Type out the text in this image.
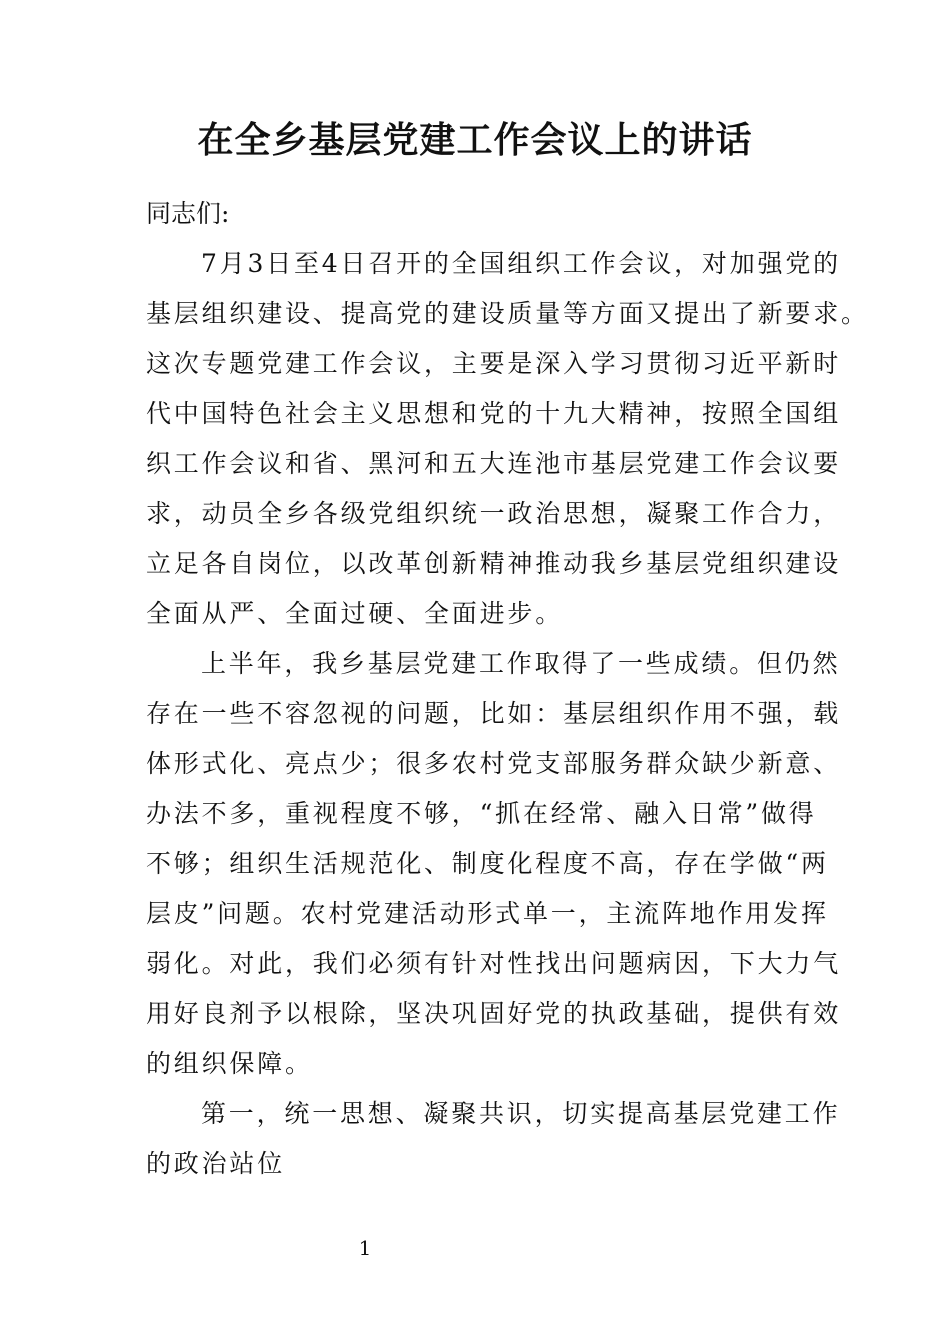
在全乡基层党建工作会议上的讲话

同志们:

7月3日至4日召开的全国组织工作会议，对加强党的
基层组织建设、提高党的建设质量等方面又提出了新要求。
这次专题党建工作会议，主要是深入学习贯彻习近平新时
代中国特色社会主义思想和党的十九大精神，按照全国组
织工作会议和省、黑河和五大连池市基层党建工作会议要
求，动员全乡各级党组织统一政治思想，凝聚工作合力，
立足各自岗位，以改革创新精神推动我乡基层党组织建设
全面从严、全面过硬、全面进步。
上半年，我乡基层党建工作取得了一些成绩。但仍然
存在一些不容忽视的问题，比如：基层组织作用不强，载
体形式化、亮点少；很多农村党支部服务群众缺少新意、
办法不多，重视程度不够，“抓在经常、融入日常”做得
不够；组织生活规范化、制度化程度不高，存在学做“两
层皮”问题。农村党建活动形式单一，主流阵地作用发挥
弱化。对此，我们必须有针对性找出问题病因，下大力气
用好良剂予以根除，坚决巩固好党的执政基础，提供有效
的组织保障。
第一，统一思想、凝聚共识，切实提高基层党建工作
的政治站位
1
